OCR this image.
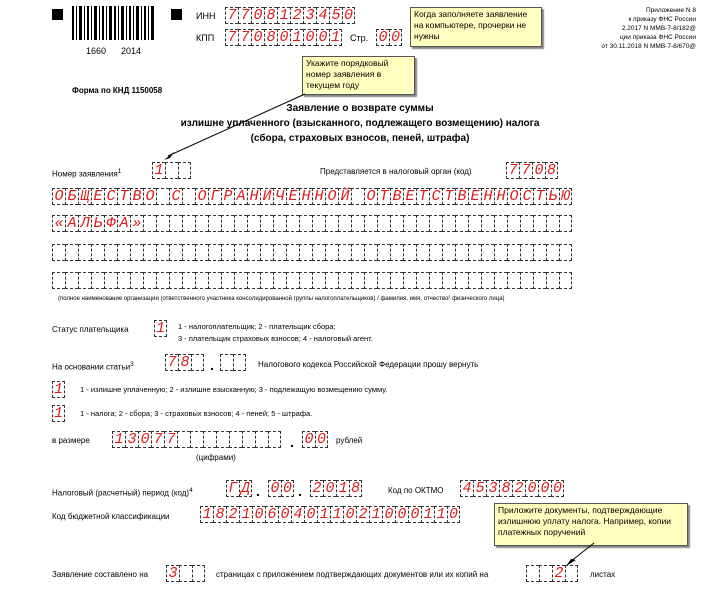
1660 2014
ИНН 7 7 0 8 1 2 3 4 5 0
КПП 7 7 0 8 0 1 0 0 1 Стр. 0 0
Приложение N 8
к приказу ФНС России
2.2017 N ММВ-7-8/182@
ции приказа ФНС России
от 30.11.2018 N ММВ-7-8/670@
Форма по КНД 1150058
Когда заполняете заявление на компьютере, прочерки не нужны
Укажите порядковый номер заявления в текущем году
Заявление о возврате суммы
излишне уплаченного (взысканного, подлежащего возмещению) налога
(сбора, страховых взносов, пеней, штрафа)
Номер заявления$^1$ 1	Представляется в налоговый орган (код) 7 7 0 8
О Б Щ Е С Т В О С О Г Р А Н И Ч Е Н Н О Й О Т В Е Т С Т В Е Н Н О С Т Ь Ю
« А Л Ь Ф А »
(полное наименование организации (ответственного участника консолидированной группы налогоплательщиков) / фамилия, имя, отчество² физического лица)
Статус плательщика 1 1 - налогоплательщик; 2 - плательщик сбора;
3 - плательщик страховых взносов; 4 - налоговый агент.
На основании статьи$^3$ 7 8 .	Налогового кодекса Российской Федерации прошу вернуть
1 1 - излишне уплаченную; 2 - излишне взысканную; 3 - подлежащую возмещению сумму.
1 1 - налога; 2 - сбора; 3 - страховых взносов; 4 - пеней; 5 - штрафа.
в размере 1 3 0 7 7	. 0 0 рублей
(цифрами)
Налоговый (расчетный) период (код)$^4$ Г Д . 0 0 . 2 0 1 8	Код по ОКТМО 4 5 3 8 2 0 0 0
Код бюджетной классификации 1 8 2 1 0 6 0 4 0 1 1 0 2 1 0 0 0 1 1 0	Приложите документы, подтверждающие излишнюю уплату налога. Например, копии платежных поручений
Заявление составлено на 3	страницах с приложением подтверждающих документов или их копий на	2	листах
